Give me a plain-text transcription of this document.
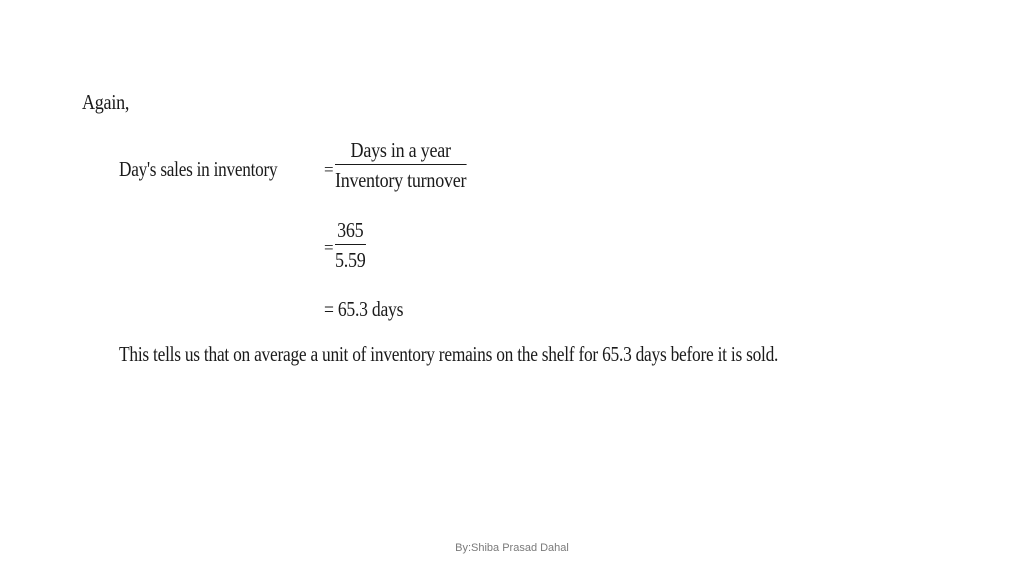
Again,
Day's sales in inventory	=
Days in a year
Inventory turnover
=
365
5.59
= 65.3 days
This tells us that on average a unit of inventory remains on the shelf for 65.3 days before it is sold.
By:Shiba Prasad Dahal
